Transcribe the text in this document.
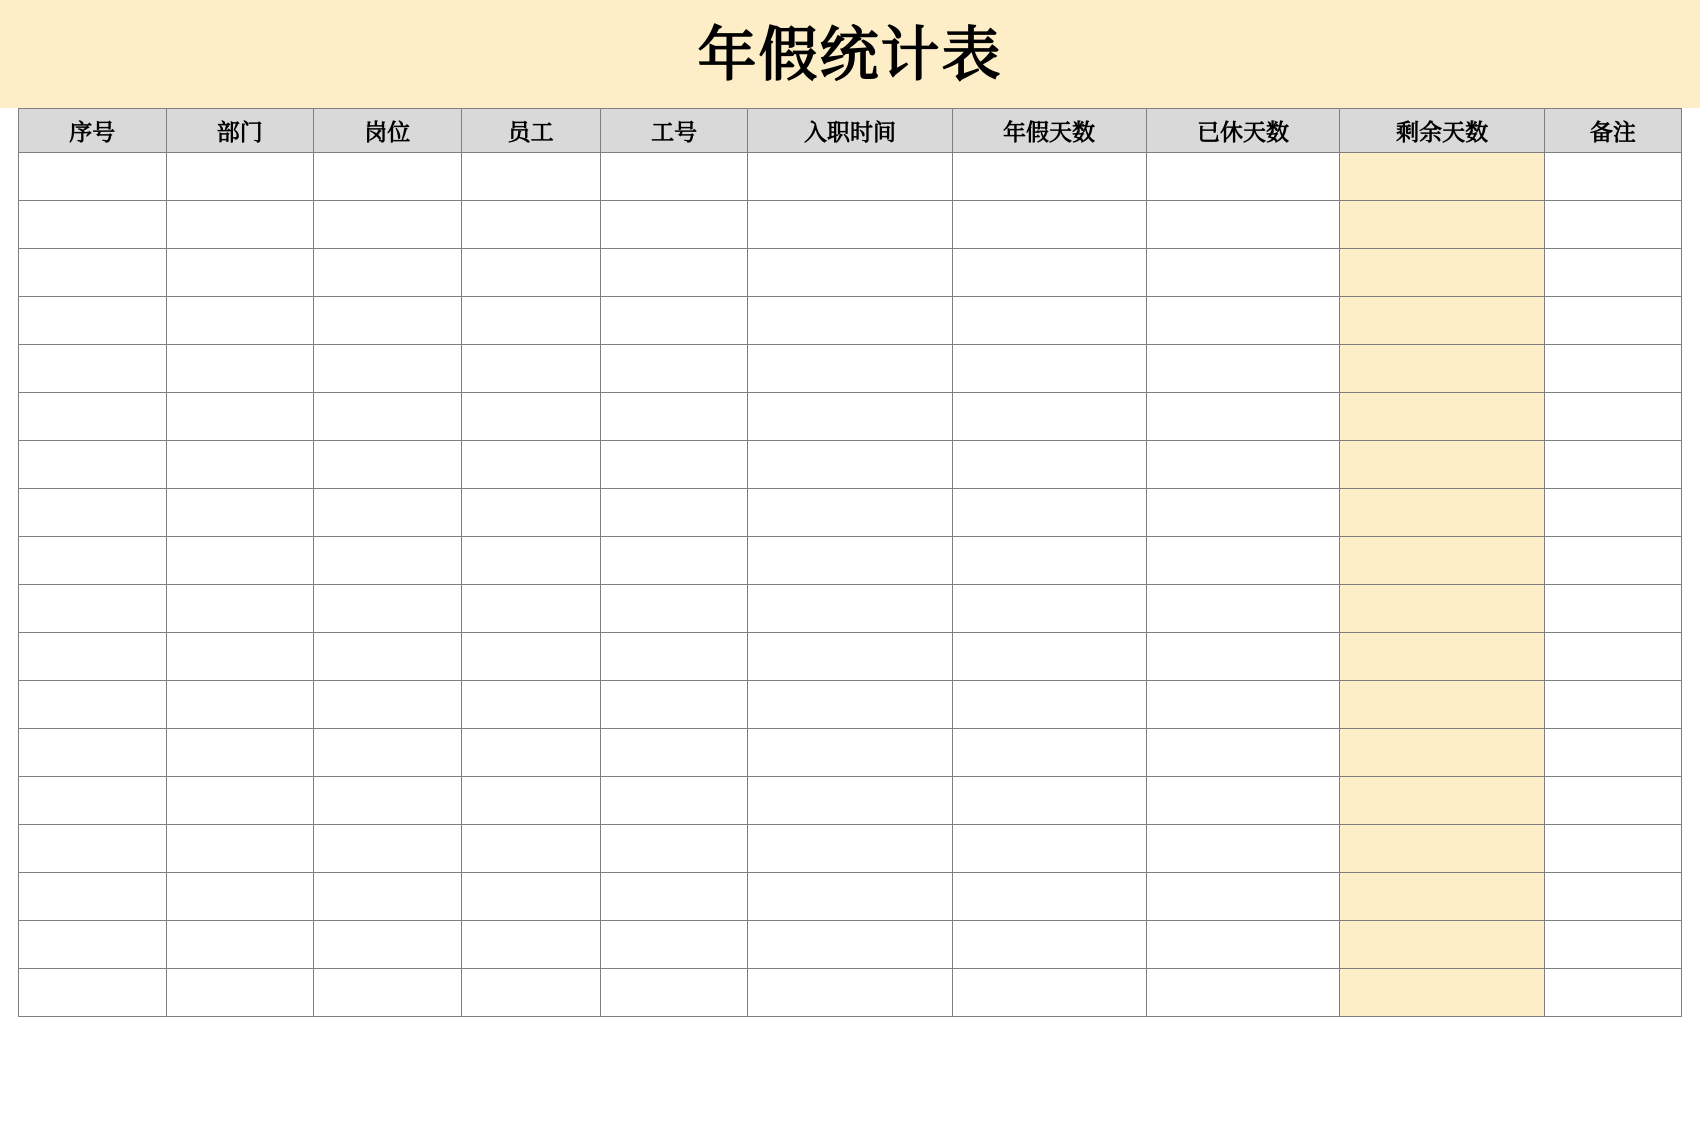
年假统计表
序号	部门	岗位	员工	工号	入职时间	年假天数	已休天数	剩余天数	备注
